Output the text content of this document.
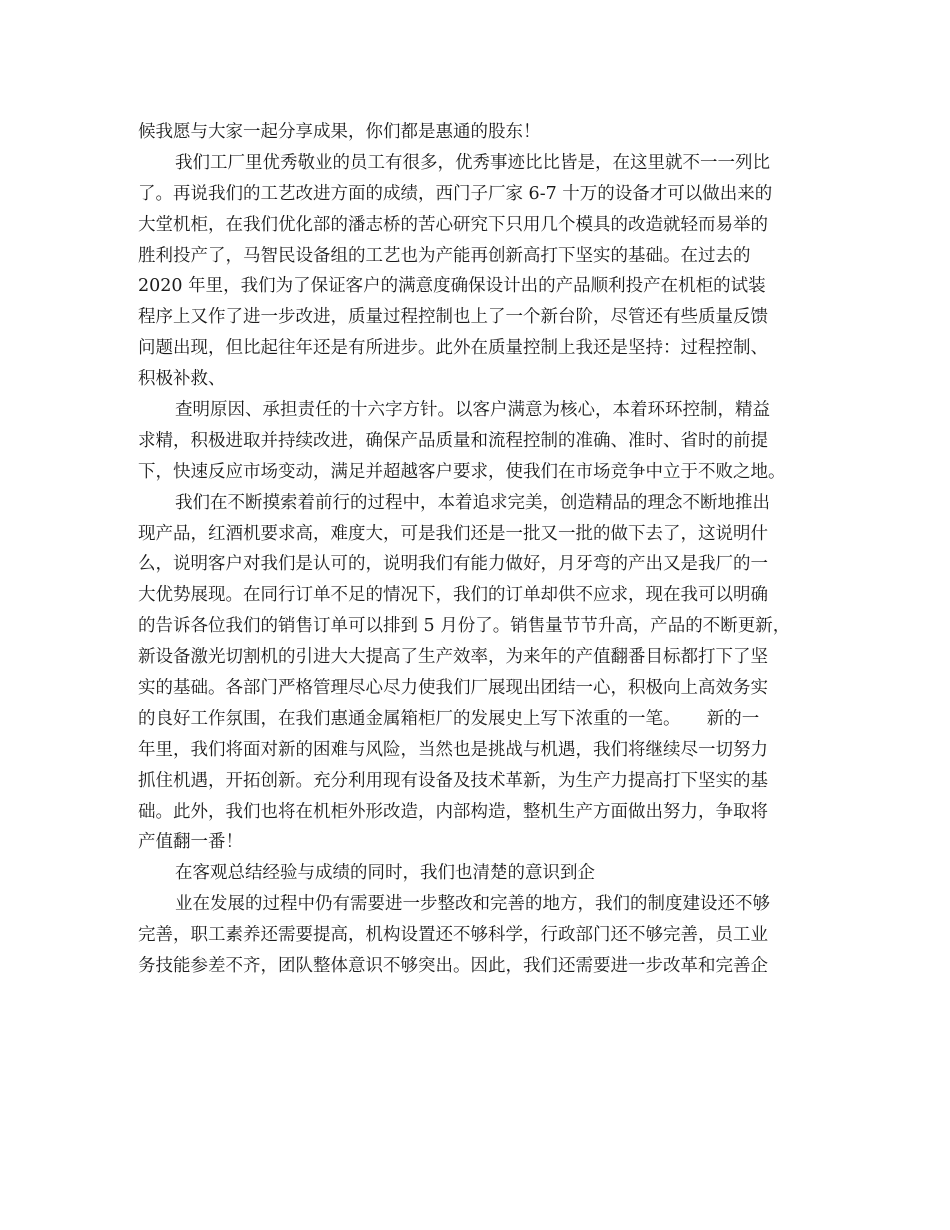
候我愿与大家一起分享成果，你们都是惠通的股东！
我们工厂里优秀敬业的员工有很多，优秀事迹比比皆是，在这里就不一一列比
了。再说我们的工艺改进方面的成绩，西门子厂家 6-7 十万的设备才可以做出来的
大堂机柜，在我们优化部的潘志桥的苦心研究下只用几个模具的改造就轻而易举的
胜利投产了，马智民设备组的工艺也为产能再创新高打下坚实的基础。在过去的
2020 年里，我们为了保证客户的满意度确保设计出的产品顺利投产在机柜的试装
程序上又作了进一步改进，质量过程控制也上了一个新台阶，尽管还有些质量反馈
问题出现，但比起往年还是有所进步。此外在质量控制上我还是坚持：过程控制、
积极补救、
查明原因、承担责任的十六字方针。以客户满意为核心，本着环环控制，精益
求精，积极进取并持续改进，确保产品质量和流程控制的准确、准时、省时的前提
下，快速反应市场变动，满足并超越客户要求，使我们在市场竞争中立于不败之地。
我们在不断摸索着前行的过程中，本着追求完美，创造精品的理念不断地推出
现产品，红酒机要求高，难度大，可是我们还是一批又一批的做下去了，这说明什
么，说明客户对我们是认可的，说明我们有能力做好，月牙弯的产出又是我厂的一
大优势展现。在同行订单不足的情况下，我们的订单却供不应求，现在我可以明确
的告诉各位我们的销售订单可以排到 5 月份了。销售量节节升高，产品的不断更新，
新设备激光切割机的引进大大提高了生产效率，为来年的产值翻番目标都打下了坚
实的基础。各部门严格管理尽心尽力使我们厂展现出团结一心，积极向上高效务实
的良好工作氛围，在我们惠通金属箱柜厂的发展史上写下浓重的一笔。　　新的一
年里，我们将面对新的困难与风险，当然也是挑战与机遇，我们将继续尽一切努力
抓住机遇，开拓创新。充分利用现有设备及技术革新，为生产力提高打下坚实的基
础。此外，我们也将在机柜外形改造，内部构造，整机生产方面做出努力，争取将
产值翻一番！
在客观总结经验与成绩的同时，我们也清楚的意识到企
业在发展的过程中仍有需要进一步整改和完善的地方，我们的制度建设还不够
完善，职工素养还需要提高，机构设置还不够科学，行政部门还不够完善，员工业
务技能参差不齐，团队整体意识不够突出。因此，我们还需要进一步改革和完善企
